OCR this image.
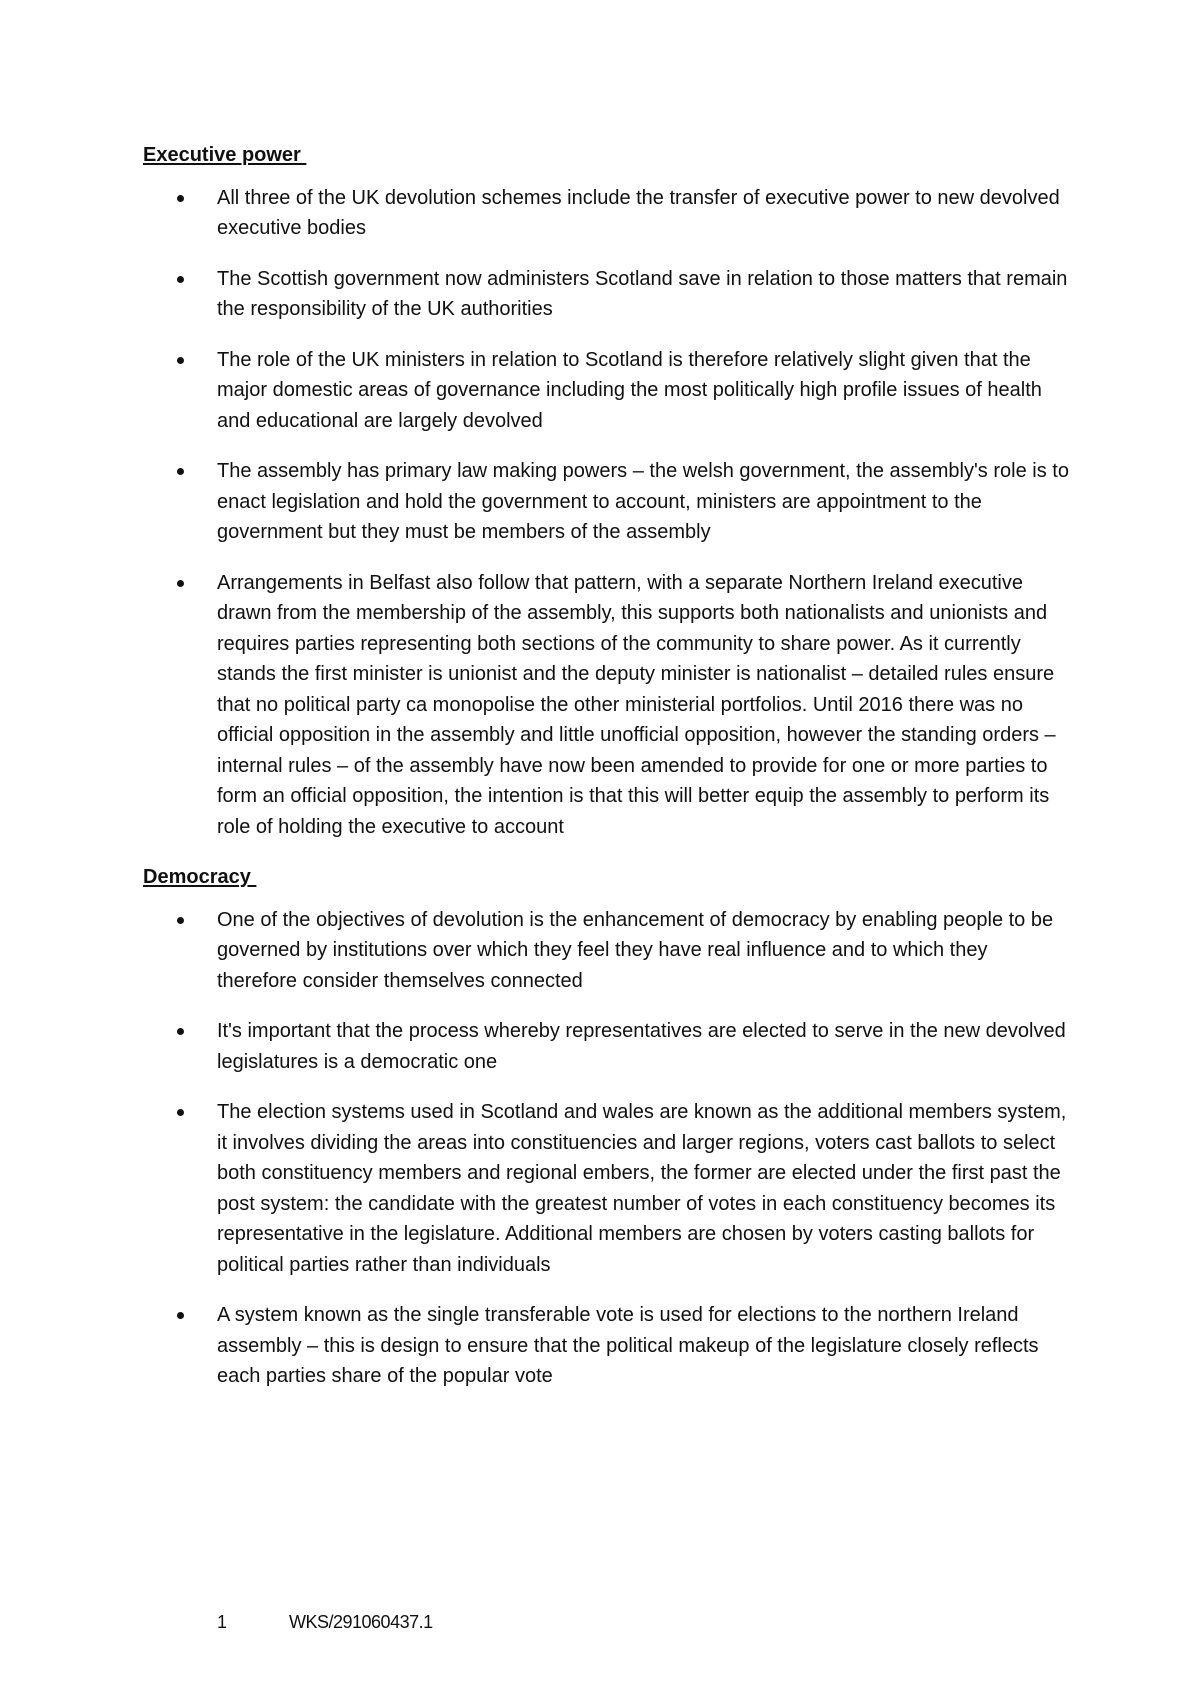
Executive power
All three of the UK devolution schemes include the transfer of executive power to new devolved executive bodies
The Scottish government now administers Scotland save in relation to those matters that remain the responsibility of the UK authorities
The role of the UK ministers in relation to Scotland is therefore relatively slight given that the major domestic areas of governance including the most politically high profile issues of health and educational are largely devolved
The assembly has primary law making powers – the welsh government, the assembly's role is to enact legislation and hold the government to account, ministers are appointment to the government but they must be members of the assembly
Arrangements in Belfast also follow that pattern, with a separate Northern Ireland executive drawn from the membership of the assembly, this supports both nationalists and unionists and requires parties representing both sections of the community to share power. As it currently stands the first minister is unionist and the deputy minister is nationalist – detailed rules ensure that no political party ca monopolise the other ministerial portfolios. Until 2016 there was no official opposition in the assembly and little unofficial opposition, however the standing orders – internal rules – of the assembly have now been amended to provide for one or more parties to form an official opposition, the intention is that this will better equip the assembly to perform its role of holding the executive to account
Democracy
One of the objectives of devolution is the enhancement of democracy by enabling people to be governed by institutions over which they feel they have real influence and to which they therefore consider themselves connected
It's important that the process whereby representatives are elected to serve in the new devolved legislatures is a democratic one
The election systems used in Scotland and wales are known as the additional members system, it involves dividing the areas into constituencies and larger regions, voters cast ballots to select both constituency members and regional embers, the former are elected under the first past the post system: the candidate with the greatest number of votes in each constituency becomes its representative in the legislature. Additional members are chosen by voters casting ballots for political parties rather than individuals
A system known as the single transferable vote is used for elections to the northern Ireland assembly – this is design to ensure that the political makeup of the legislature closely reflects each parties share of the popular vote
1	WKS/291060437.1
